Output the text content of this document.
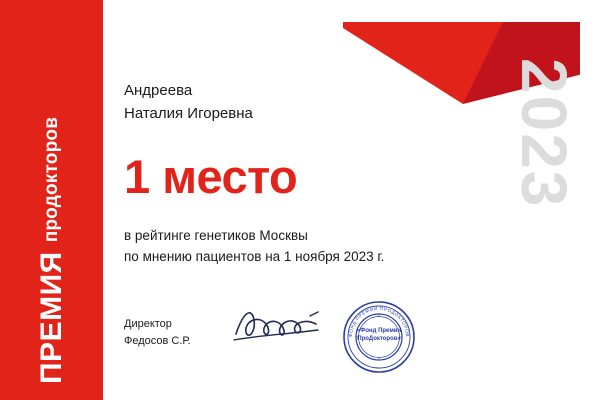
ПРЕМИЯ
продокторов	2023
Андреева
Наталия Игоревна
1 место
в рейтинге генетиков Москвы
по мнению пациентов на 1 ноября 2023 г.
Директор
Федосов С.Р.	ФОНД ПРЕМИИ ПРОДОКТОРОВ
«Фонд Премии
ПроДокторов»
